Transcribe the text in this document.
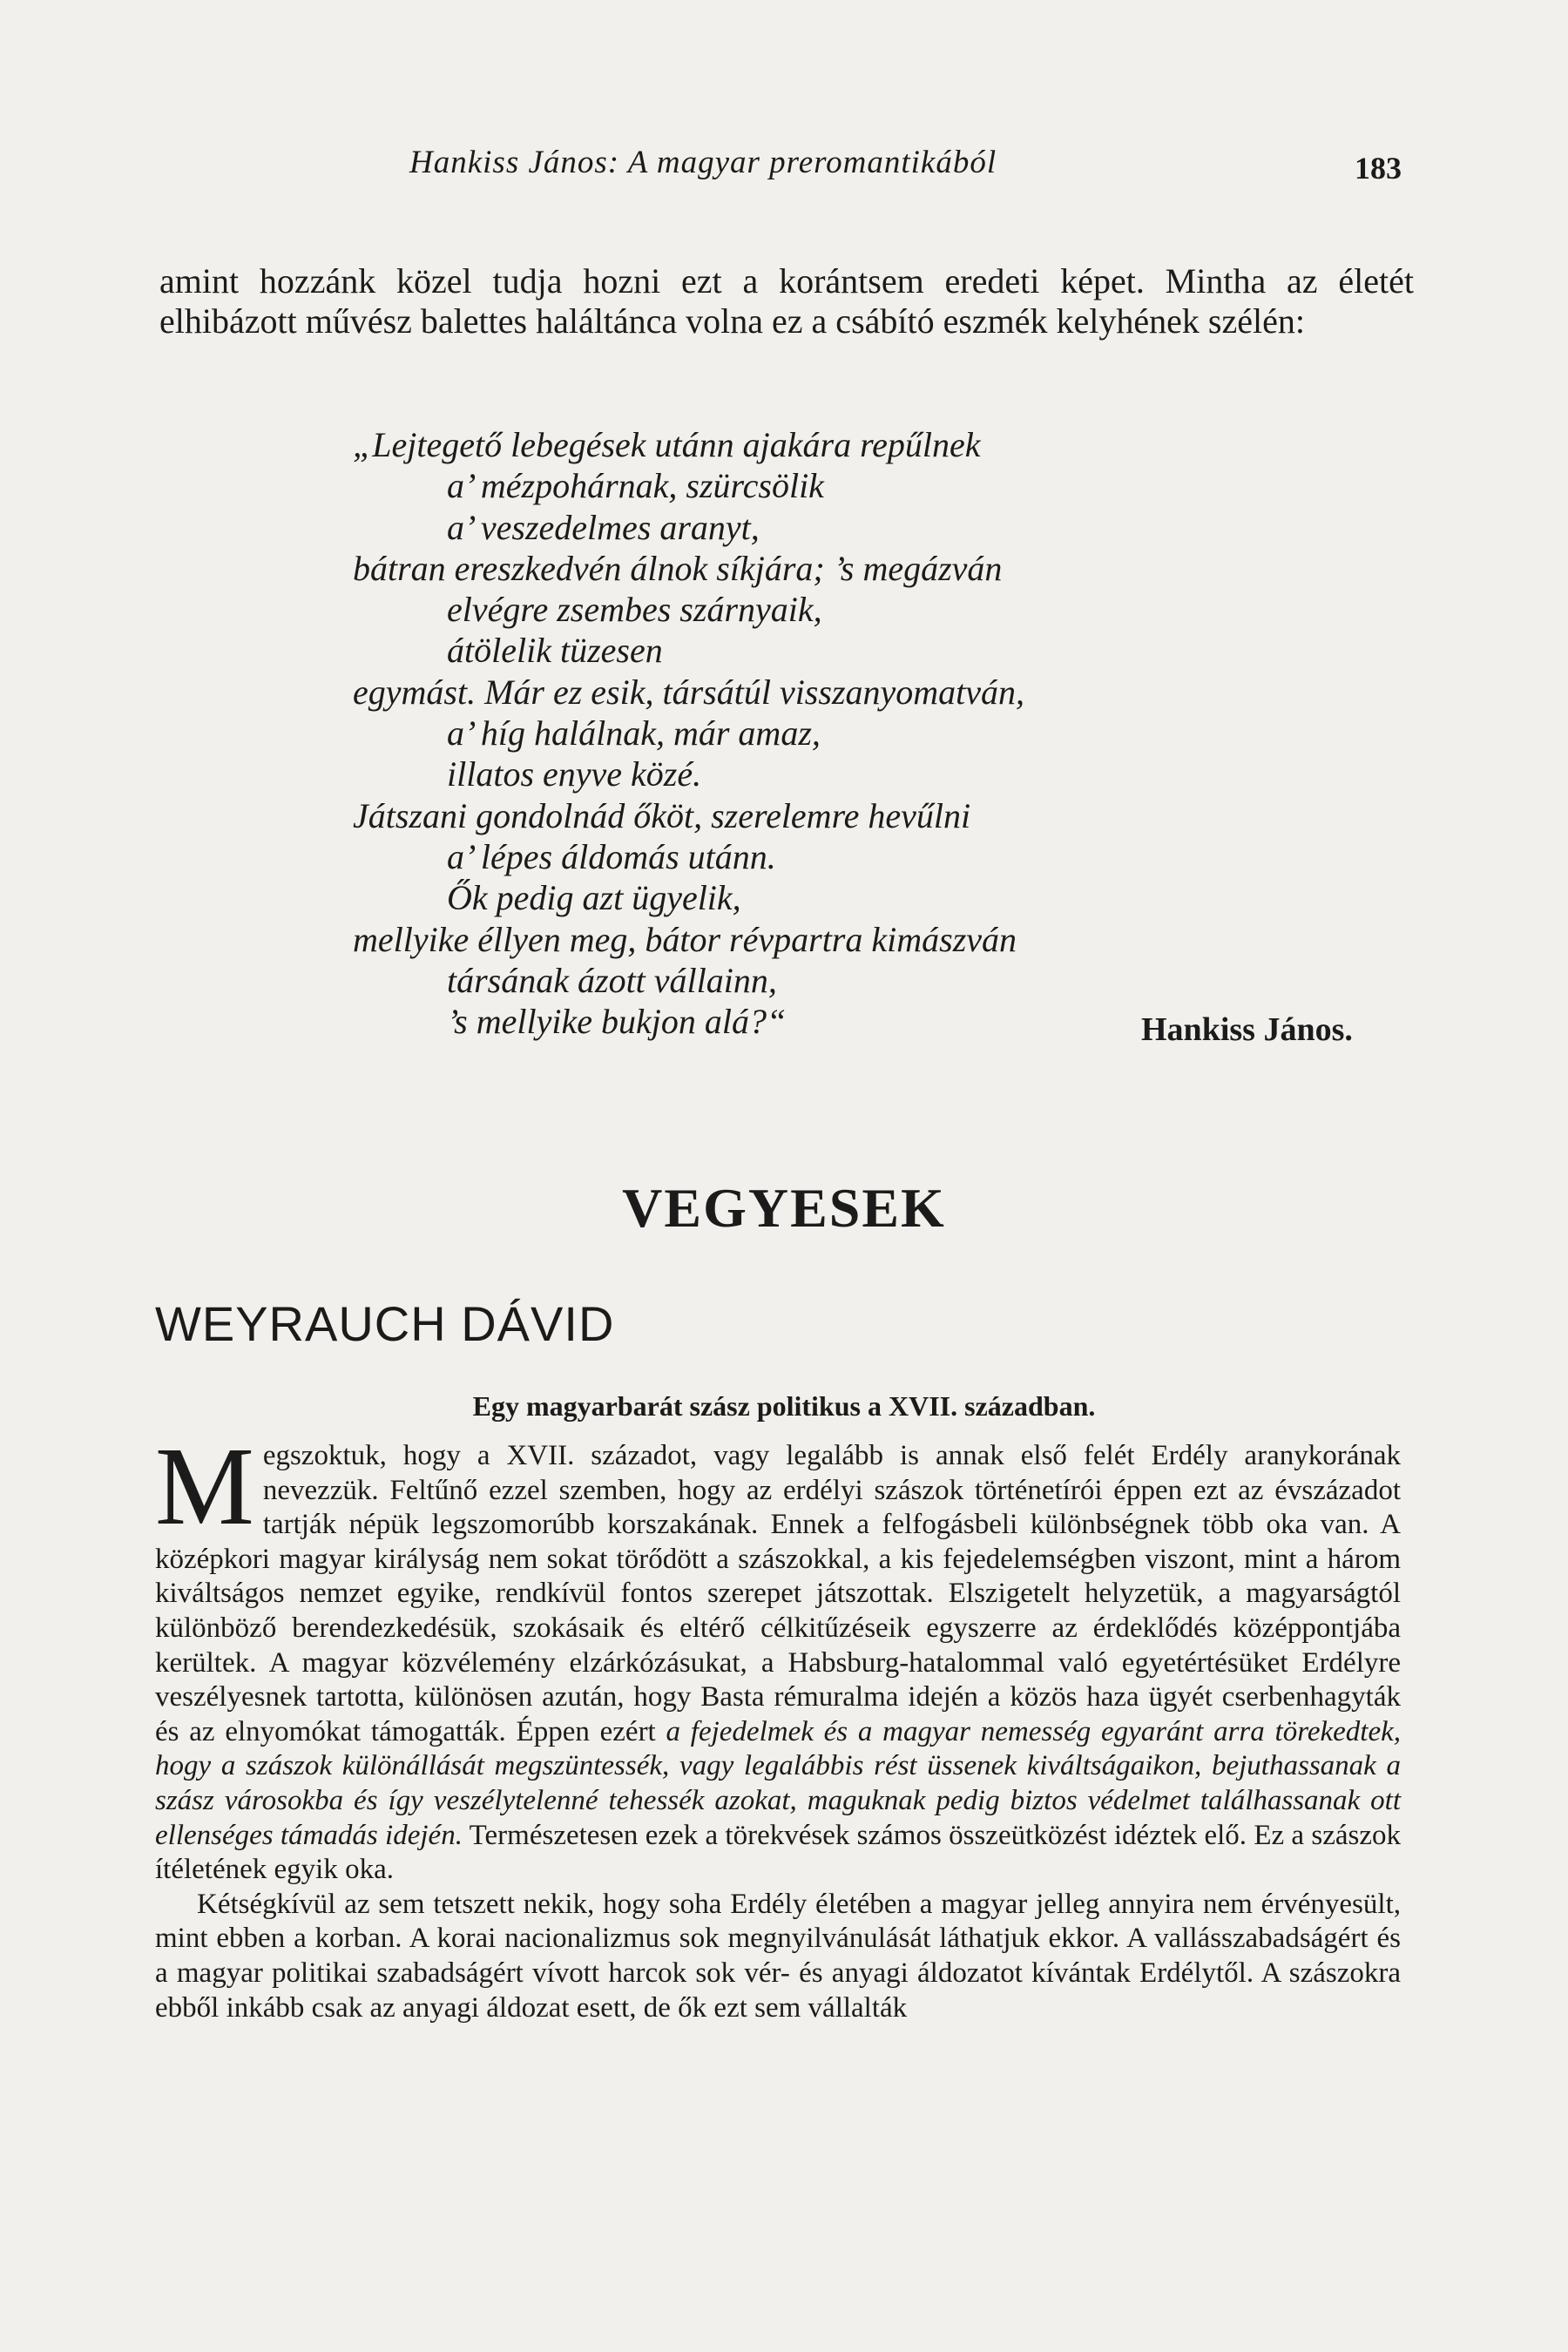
Hankiss János: A magyar preromantikából	183

amint hozzánk közel tudja hozni ezt a korántsem eredeti képet. Mintha az életét elhibázott művész balettes haláltánca volna ez a csábító eszmék kelyhének szélén:

„Lejtegető lebegések utánn ajakára repűlnek
a’ mézpohárnak, szürcsölik
a’ veszedelmes aranyt,
bátran ereszkedvén álnok síkjára; ’s megázván
elvégre zsembes szárnyaik,
átölelik tüzesen
egymást. Már ez esik, társátúl visszanyomatván,
a’ híg halálnak, már amaz,
illatos enyve közé.
Játszani gondolnád őköt, szerelemre hevűlni
a’ lépes áldomás utánn.
Ők pedig azt ügyelik,
mellyike éllyen meg, bátor révpartra kimászván
társának ázott vállainn,
’s mellyike bukjon alá?“	Hankiss János.
VEGYESEK
WEYRAUCH DÁVID
Egy magyarbarát szász politikus a XVII. században.

Megszoktuk, hogy a XVII. századot, vagy legalább is annak első felét Erdély aranykorának nevezzük. Feltűnő ezzel szemben, hogy az erdélyi szászok történetírói éppen ezt az évszázadot tartják népük legszomorúbb korszakának. Ennek a felfogásbeli különbségnek több oka van. A középkori magyar királyság nem sokat törődött a szászokkal, a kis fejedelemségben viszont, mint a három kiváltságos nemzet egyike, rendkívül fontos szerepet játszottak. Elszigetelt helyzetük, a magyarságtól különböző berendezkedésük, szokásaik és eltérő célkitűzéseik egyszerre az érdeklődés középpontjába kerültek. A magyar közvélemény elzárkózásukat, a Habsburg-hatalommal való egyetértésüket Erdélyre veszélyesnek tartotta, különösen azután, hogy Basta rémuralma idején a közös haza ügyét cserbenhagyták és az elnyomókat támogatták. Éppen ezért a fejedelmek és a magyar nemesség egyaránt arra törekedtek, hogy a szászok különállását megszüntessék, vagy legalábbis rést üssenek kiváltságaikon, bejuthassanak a szász városokba és így veszélytelenné tehessék azokat, maguknak pedig biztos védelmet találhassanak ott ellenséges támadás idején. Természetesen ezek a törekvések számos összeütközést idéztek elő. Ez a szászok ítéletének egyik oka.

Kétségkívül az sem tetszett nekik, hogy soha Erdély életében a magyar jelleg annyira nem érvényesült, mint ebben a korban. A korai nacionalizmus sok megnyilvánulását láthatjuk ekkor. A vallásszabadságért és a magyar politikai szabadságért vívott harcok sok vér- és anyagi áldozatot kívántak Erdélytől. A szászokra ebből inkább csak az anyagi áldozat esett, de ők ezt sem vállalták
